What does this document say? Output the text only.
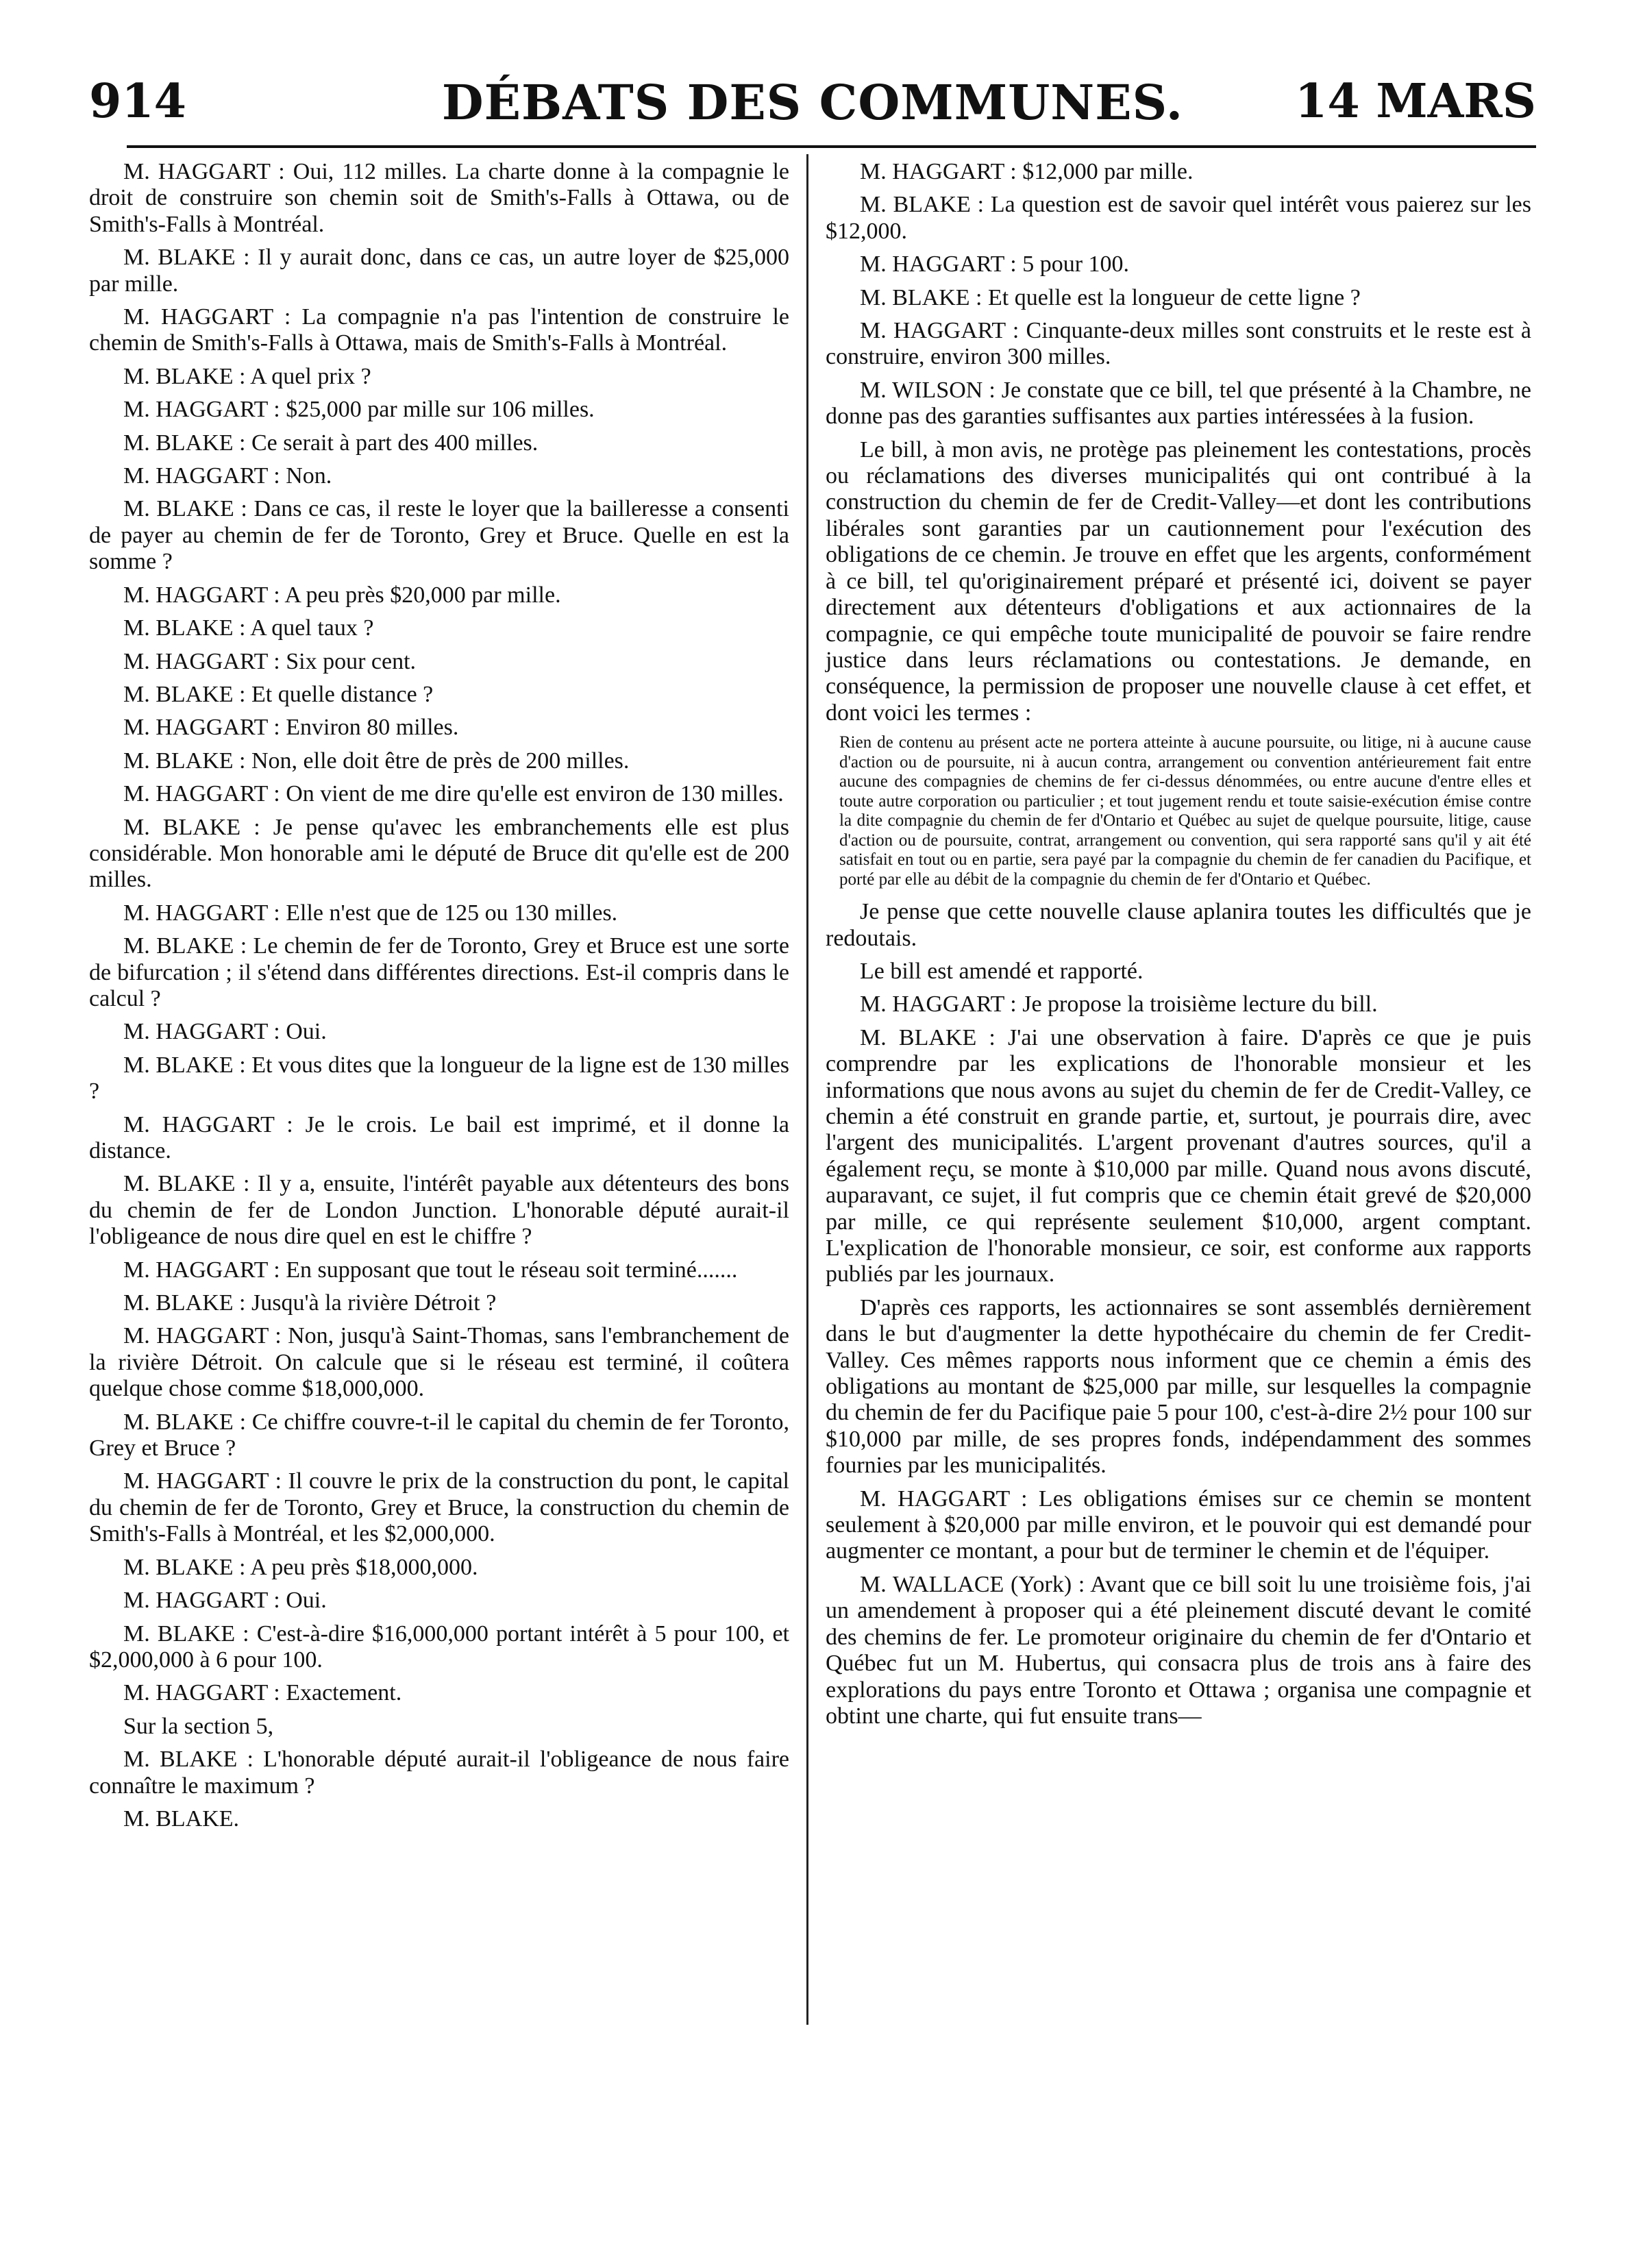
914	DÉBATS DES COMMUNES.	14 MARS

M. HAGGART : Oui, 112 milles. La charte donne à la compagnie le droit de construire son chemin soit de Smith's-Falls à Ottawa, ou de Smith's-Falls à Montréal.

M. BLAKE : Il y aurait donc, dans ce cas, un autre loyer de $25,000 par mille.

M. HAGGART : La compagnie n'a pas l'intention de construire le chemin de Smith's-Falls à Ottawa, mais de Smith's-Falls à Montréal.

M. BLAKE : A quel prix ?

M. HAGGART : $25,000 par mille sur 106 milles.

M. BLAKE : Ce serait à part des 400 milles.

M. HAGGART : Non.

M. BLAKE : Dans ce cas, il reste le loyer que la bailleresse a consenti de payer au chemin de fer de Toronto, Grey et Bruce. Quelle en est la somme ?

M. HAGGART : A peu près $20,000 par mille.

M. BLAKE : A quel taux ?

M. HAGGART : Six pour cent.

M. BLAKE : Et quelle distance ?

M. HAGGART : Environ 80 milles.

M. BLAKE : Non, elle doit être de près de 200 milles.

M. HAGGART : On vient de me dire qu'elle est environ de 130 milles.

M. BLAKE : Je pense qu'avec les embranchements elle est plus considérable. Mon honorable ami le député de Bruce dit qu'elle est de 200 milles.

M. HAGGART : Elle n'est que de 125 ou 130 milles.

M. BLAKE : Le chemin de fer de Toronto, Grey et Bruce est une sorte de bifurcation ; il s'étend dans différentes directions. Est-il compris dans le calcul ?

M. HAGGART : Oui.

M. BLAKE : Et vous dites que la longueur de la ligne est de 130 milles ?

M. HAGGART : Je le crois. Le bail est imprimé, et il donne la distance.

M. BLAKE : Il y a, ensuite, l'intérêt payable aux détenteurs des bons du chemin de fer de London Junction. L'honorable député aurait-il l'obligeance de nous dire quel en est le chiffre ?

M. HAGGART : En supposant que tout le réseau soit terminé.......

M. BLAKE : Jusqu'à la rivière Détroit ?

M. HAGGART : Non, jusqu'à Saint-Thomas, sans l'embranchement de la rivière Détroit. On calcule que si le réseau est terminé, il coûtera quelque chose comme $18,000,000.

M. BLAKE : Ce chiffre couvre-t-il le capital du chemin de fer Toronto, Grey et Bruce ?

M. HAGGART : Il couvre le prix de la construction du pont, le capital du chemin de fer de Toronto, Grey et Bruce, la construction du chemin de Smith's-Falls à Montréal, et les $2,000,000.

M. BLAKE : A peu près $18,000,000.

M. HAGGART : Oui.

M. BLAKE : C'est-à-dire $16,000,000 portant intérêt à 5 pour 100, et $2,000,000 à 6 pour 100.

M. HAGGART : Exactement.

Sur la section 5,

M. BLAKE : L'honorable député aurait-il l'obligeance de nous faire connaître le maximum ?

M. BLAKE.

M. HAGGART : $12,000 par mille.

M. BLAKE : La question est de savoir quel intérêt vous paierez sur les $12,000.

M. HAGGART : 5 pour 100.

M. BLAKE : Et quelle est la longueur de cette ligne ?

M. HAGGART : Cinquante-deux milles sont construits et le reste est à construire, environ 300 milles.

M. WILSON : Je constate que ce bill, tel que présenté à la Chambre, ne donne pas des garanties suffisantes aux parties intéressées à la fusion.

Le bill, à mon avis, ne protège pas pleinement les contestations, procès ou réclamations des diverses municipalités qui ont contribué à la construction du chemin de fer de Credit-Valley—et dont les contributions libérales sont garanties par un cautionnement pour l'exécution des obligations de ce chemin. Je trouve en effet que les argents, conformément à ce bill, tel qu'originairement préparé et présenté ici, doivent se payer directement aux détenteurs d'obligations et aux actionnaires de la compagnie, ce qui empêche toute municipalité de pouvoir se faire rendre justice dans leurs réclamations ou contestations. Je demande, en conséquence, la permission de proposer une nouvelle clause à cet effet, et dont voici les termes :

Rien de contenu au présent acte ne portera atteinte à aucune poursuite, ou litige, ni à aucune cause d'action ou de poursuite, ni à aucun contra, arrangement ou convention antérieurement fait entre aucune des compagnies de chemins de fer ci-dessus dénommées, ou entre aucune d'entre elles et toute autre corporation ou particulier ; et tout jugement rendu et toute saisie-exécution émise contre la dite compagnie du chemin de fer d'Ontario et Québec au sujet de quelque poursuite, litige, cause d'action ou de poursuite, contrat, arrangement ou convention, qui sera rapporté sans qu'il y ait été satisfait en tout ou en partie, sera payé par la compagnie du chemin de fer canadien du Pacifique, et porté par elle au débit de la compagnie du chemin de fer d'Ontario et Québec.

Je pense que cette nouvelle clause aplanira toutes les difficultés que je redoutais.

Le bill est amendé et rapporté.

M. HAGGART : Je propose la troisième lecture du bill.

M. BLAKE : J'ai une observation à faire. D'après ce que je puis comprendre par les explications de l'honorable monsieur et les informations que nous avons au sujet du chemin de fer de Credit-Valley, ce chemin a été construit en grande partie, et, surtout, je pourrais dire, avec l'argent des municipalités. L'argent provenant d'autres sources, qu'il a également reçu, se monte à $10,000 par mille. Quand nous avons discuté, auparavant, ce sujet, il fut compris que ce chemin était grevé de $20,000 par mille, ce qui représente seulement $10,000, argent comptant. L'explication de l'honorable monsieur, ce soir, est conforme aux rapports publiés par les journaux.

D'après ces rapports, les actionnaires se sont assemblés dernièrement dans le but d'augmenter la dette hypothécaire du chemin de fer Credit-Valley. Ces mêmes rapports nous informent que ce chemin a émis des obligations au montant de $25,000 par mille, sur lesquelles la compagnie du chemin de fer du Pacifique paie 5 pour 100, c'est-à-dire 2½ pour 100 sur $10,000 par mille, de ses propres fonds, indépendamment des sommes fournies par les municipalités.

M. HAGGART : Les obligations émises sur ce chemin se montent seulement à $20,000 par mille environ, et le pouvoir qui est demandé pour augmenter ce montant, a pour but de terminer le chemin et de l'équiper.

M. WALLACE (York) : Avant que ce bill soit lu une troisième fois, j'ai un amendement à proposer qui a été pleinement discuté devant le comité des chemins de fer. Le promoteur originaire du chemin de fer d'Ontario et Québec fut un M. Hubertus, qui consacra plus de trois ans à faire des explorations du pays entre Toronto et Ottawa ; organisa une compagnie et obtint une charte, qui fut ensuite trans—
